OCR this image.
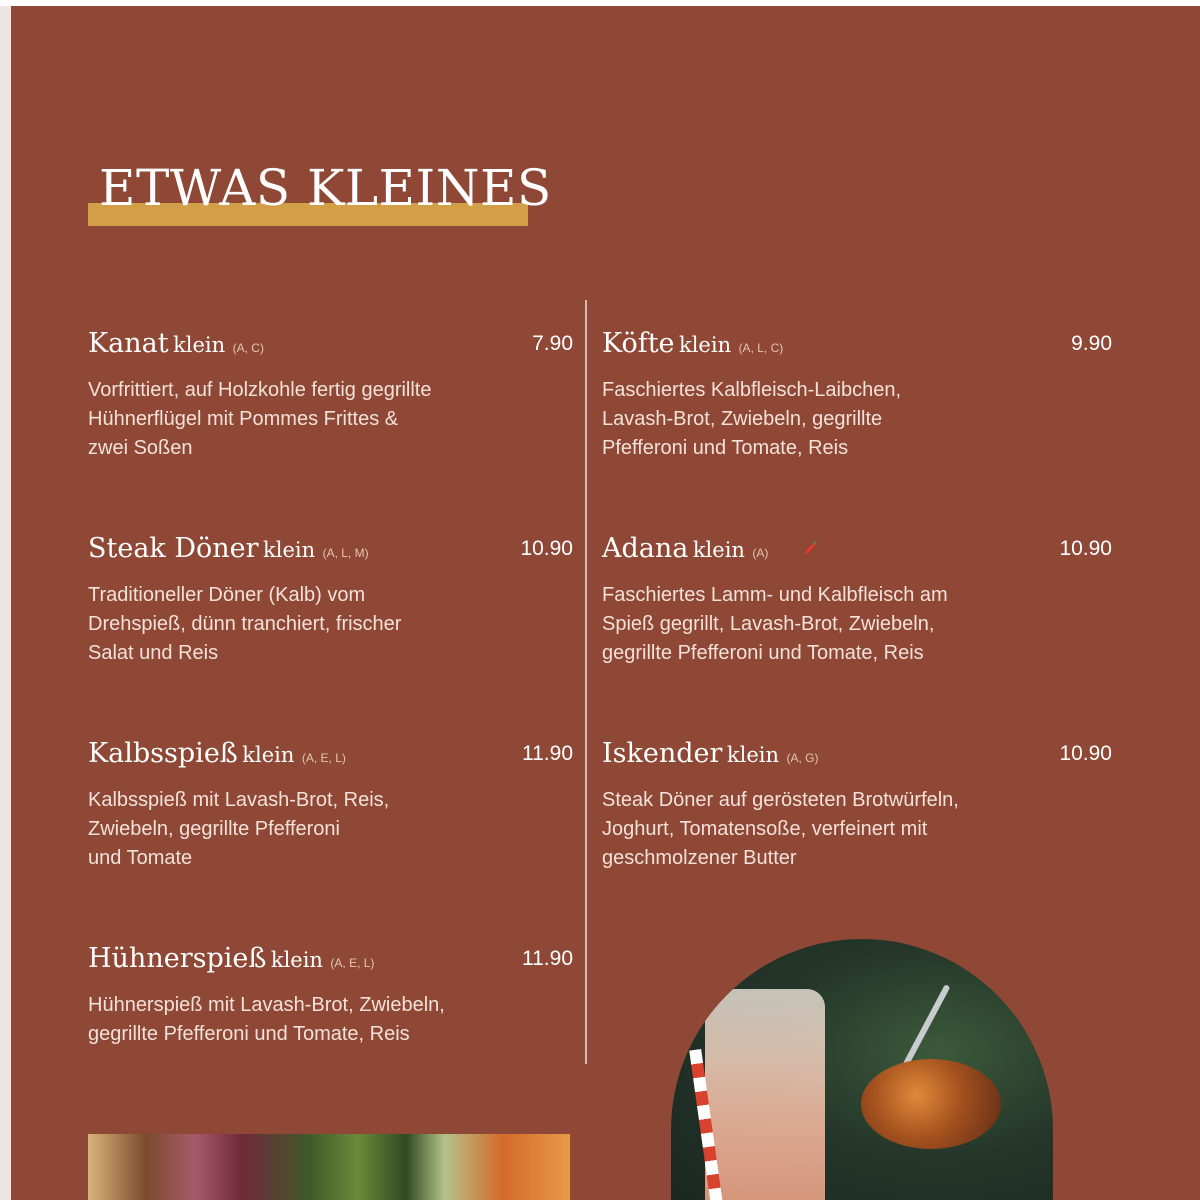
ETWAS KLEINES
Kanat klein (A, C)	7.90
Vorfrittiert, auf Holzkohle fertig gegrillte
Hühnerflügel mit Pommes Frittes &
zwei Soßen
Köfte klein (A, L, C)	9.90
Faschiertes Kalbfleisch-Laibchen,
Lavash-Brot, Zwiebeln, gegrillte
Pfefferoni und Tomate, Reis
Steak Döner klein (A, L, M)	10.90
Traditioneller Döner (Kalb) vom
Drehspieß, dünn tranchiert, frischer
Salat und Reis
Adana klein (A)	10.90
Faschiertes Lamm- und Kalbfleisch am
Spieß gegrillt, Lavash-Brot, Zwiebeln,
gegrillte Pfefferoni und Tomate, Reis
Kalbsspieß klein (A, E, L)	11.90
Kalbsspieß mit Lavash-Brot, Reis,
Zwiebeln, gegrillte Pfefferoni
und Tomate
Iskender klein (A, G)	10.90
Steak Döner auf gerösteten Brotwürfeln,
Joghurt, Tomatensoße, verfeinert mit
geschmolzener Butter
Hühnerspieß klein (A, E, L)	11.90
Hühnerspieß mit Lavash-Brot, Zwiebeln,
gegrillte Pfefferoni und Tomate, Reis
